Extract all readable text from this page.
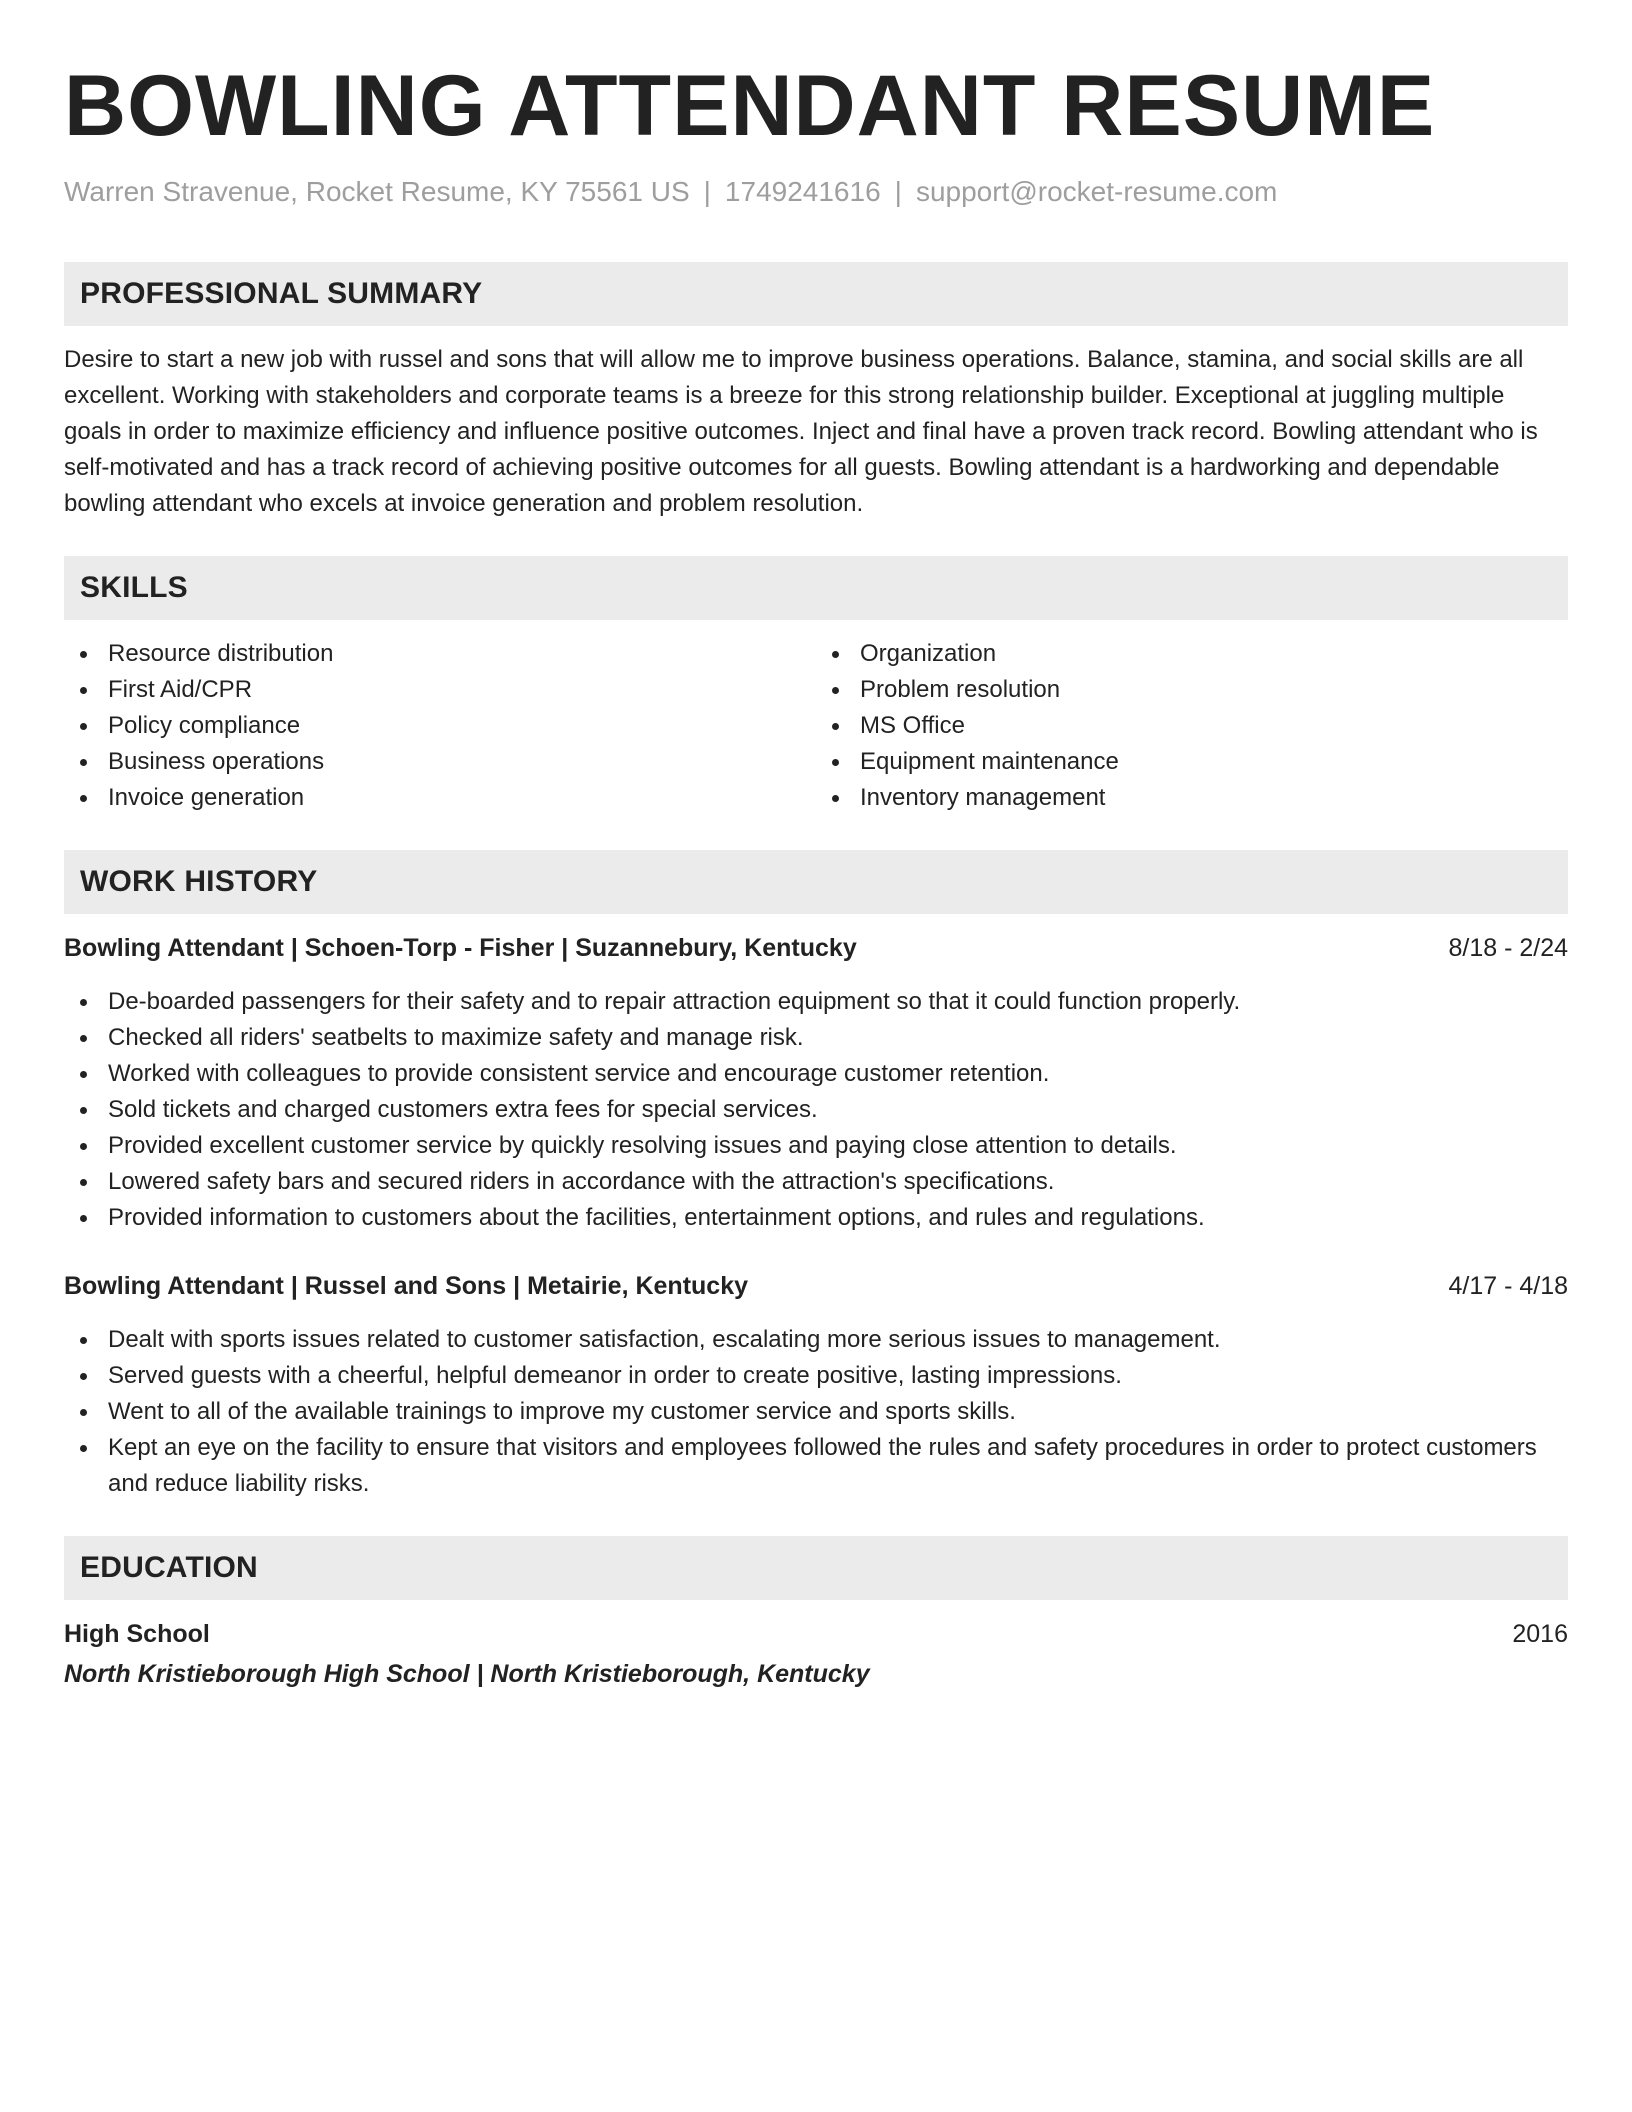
BOWLING ATTENDANT RESUME
Warren Stravenue, Rocket Resume, KY 75561 US | 1749241616 | support@rocket-resume.com
PROFESSIONAL SUMMARY
Desire to start a new job with russel and sons that will allow me to improve business operations. Balance, stamina, and social skills are all excellent. Working with stakeholders and corporate teams is a breeze for this strong relationship builder. Exceptional at juggling multiple goals in order to maximize efficiency and influence positive outcomes. Inject and final have a proven track record. Bowling attendant who is self-motivated and has a track record of achieving positive outcomes for all guests. Bowling attendant is a hardworking and dependable bowling attendant who excels at invoice generation and problem resolution.
SKILLS
Resource distribution
First Aid/CPR
Policy compliance
Business operations
Invoice generation
Organization
Problem resolution
MS Office
Equipment maintenance
Inventory management
WORK HISTORY
Bowling Attendant | Schoen-Torp - Fisher | Suzannebury, Kentucky	8/18 - 2/24
De-boarded passengers for their safety and to repair attraction equipment so that it could function properly.
Checked all riders' seatbelts to maximize safety and manage risk.
Worked with colleagues to provide consistent service and encourage customer retention.
Sold tickets and charged customers extra fees for special services.
Provided excellent customer service by quickly resolving issues and paying close attention to details.
Lowered safety bars and secured riders in accordance with the attraction's specifications.
Provided information to customers about the facilities, entertainment options, and rules and regulations.
Bowling Attendant | Russel and Sons | Metairie, Kentucky	4/17 - 4/18
Dealt with sports issues related to customer satisfaction, escalating more serious issues to management.
Served guests with a cheerful, helpful demeanor in order to create positive, lasting impressions.
Went to all of the available trainings to improve my customer service and sports skills.
Kept an eye on the facility to ensure that visitors and employees followed the rules and safety procedures in order to protect customers and reduce liability risks.
EDUCATION
High School	2016
North Kristieborough High School | North Kristieborough, Kentucky
